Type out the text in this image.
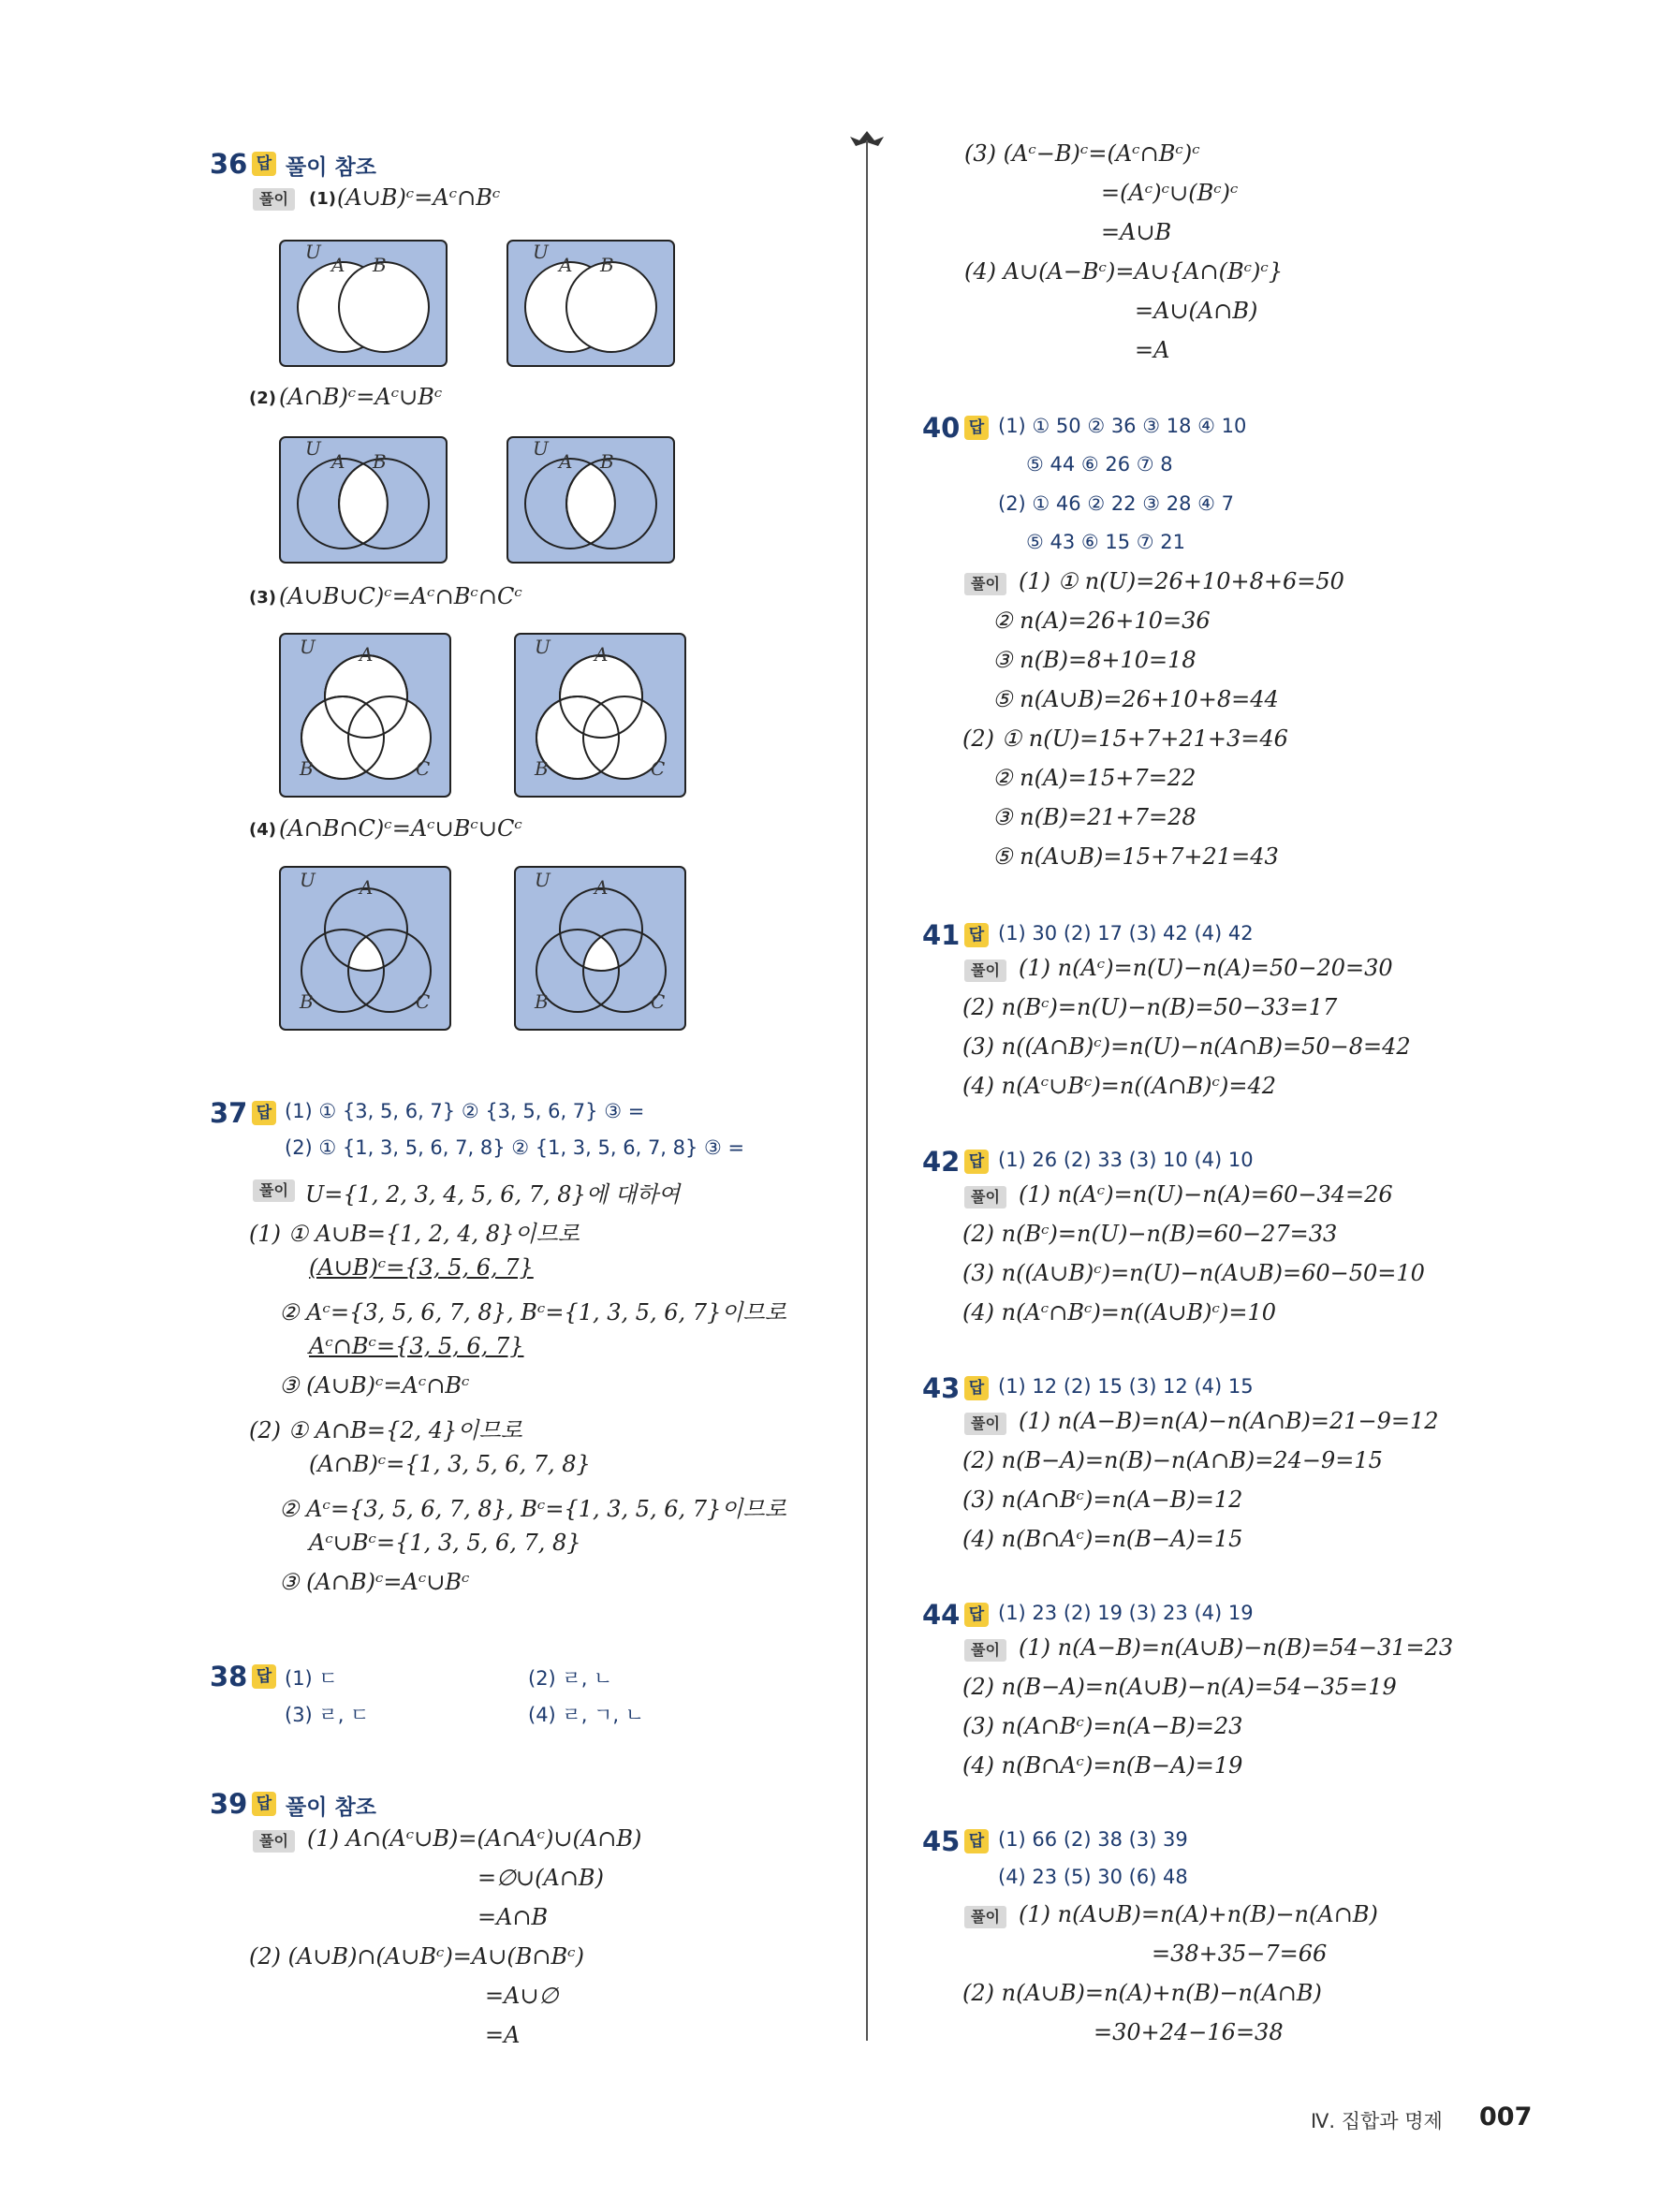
36 답 풀이 참조
풀이	(1) (A∪B)ᶜ=Aᶜ∩Bᶜ
U
A B
U
A B
(2) (A∩B)ᶜ=Aᶜ∪Bᶜ
U
A B
U
A B
(3) (A∪B∪C)ᶜ=Aᶜ∩Bᶜ∩Cᶜ
U A
B	C
U A
B	C
(4) (A∩B∩C)ᶜ=Aᶜ∪Bᶜ∪Cᶜ
U A
B	C
U A
B	C
37 답 (1) ① {3, 5, 6, 7} ② {3, 5, 6, 7} ③ =
(2) ① {1, 3, 5, 6, 7, 8} ② {1, 3, 5, 6, 7, 8} ③ =
풀이 U={1, 2, 3, 4, 5, 6, 7, 8}에 대하여
(1) ① A∪B={1, 2, 4, 8}이므로
(A∪B)ᶜ={3, 5, 6, 7}
② Aᶜ={3, 5, 6, 7, 8}, Bᶜ={1, 3, 5, 6, 7}이므로
Aᶜ∩Bᶜ={3, 5, 6, 7}
③ (A∪B)ᶜ=Aᶜ∩Bᶜ
(2) ① A∩B={2, 4}이므로
(A∩B)ᶜ={1, 3, 5, 6, 7, 8}
② Aᶜ={3, 5, 6, 7, 8}, Bᶜ={1, 3, 5, 6, 7}이므로
Aᶜ∪Bᶜ={1, 3, 5, 6, 7, 8}
③ (A∩B)ᶜ=Aᶜ∪Bᶜ
38 답 (1) ㄷ	(2) ㄹ, ㄴ
(3) ㄹ, ㄷ	(4) ㄹ, ㄱ, ㄴ
39 답 풀이 참조
풀이 (1) A∩(Aᶜ∪B)=(A∩Aᶜ)∪(A∩B)
=∅∪(A∩B)
=A∩B
(2) (A∪B)∩(A∪Bᶜ)=A∪(B∩Bᶜ)
=A∪∅
=A
(3) (Aᶜ−B)ᶜ=(Aᶜ∩Bᶜ)ᶜ
=(Aᶜ)ᶜ∪(Bᶜ)ᶜ
=A∪B
(4) A∪(A−Bᶜ)=A∪{A∩(Bᶜ)ᶜ}
=A∪(A∩B)
=A
40 답 (1) ① 50 ② 36 ③ 18 ④ 10
⑤ 44 ⑥ 26 ⑦ 8
(2) ① 46 ② 22 ③ 28 ④ 7
⑤ 43 ⑥ 15 ⑦ 21
풀이 (1) ① n(U)=26+10+8+6=50
② n(A)=26+10=36
③ n(B)=8+10=18
⑤ n(A∪B)=26+10+8=44
(2) ① n(U)=15+7+21+3=46
② n(A)=15+7=22
③ n(B)=21+7=28
⑤ n(A∪B)=15+7+21=43
41 답 (1) 30 (2) 17 (3) 42 (4) 42
풀이 (1) n(Aᶜ)=n(U)−n(A)=50−20=30
(2) n(Bᶜ)=n(U)−n(B)=50−33=17
(3) n((A∩B)ᶜ)=n(U)−n(A∩B)=50−8=42
(4) n(Aᶜ∪Bᶜ)=n((A∩B)ᶜ)=42
42 답 (1) 26 (2) 33 (3) 10 (4) 10
풀이 (1) n(Aᶜ)=n(U)−n(A)=60−34=26
(2) n(Bᶜ)=n(U)−n(B)=60−27=33
(3) n((A∪B)ᶜ)=n(U)−n(A∪B)=60−50=10
(4) n(Aᶜ∩Bᶜ)=n((A∪B)ᶜ)=10
43 답 (1) 12 (2) 15 (3) 12 (4) 15
풀이 (1) n(A−B)=n(A)−n(A∩B)=21−9=12
(2) n(B−A)=n(B)−n(A∩B)=24−9=15
(3) n(A∩Bᶜ)=n(A−B)=12
(4) n(B∩Aᶜ)=n(B−A)=15
44 답 (1) 23 (2) 19 (3) 23 (4) 19
풀이 (1) n(A−B)=n(A∪B)−n(B)=54−31=23
(2) n(B−A)=n(A∪B)−n(A)=54−35=19
(3) n(A∩Bᶜ)=n(A−B)=23
(4) n(B∩Aᶜ)=n(B−A)=19
45 답 (1) 66 (2) 38 (3) 39
(4) 23 (5) 30 (6) 48
풀이 (1) n(A∪B)=n(A)+n(B)−n(A∩B)
=38+35−7=66
(2) n(A∪B)=n(A)+n(B)−n(A∩B)
=30+24−16=38
Ⅳ. 집합과 명제 007
